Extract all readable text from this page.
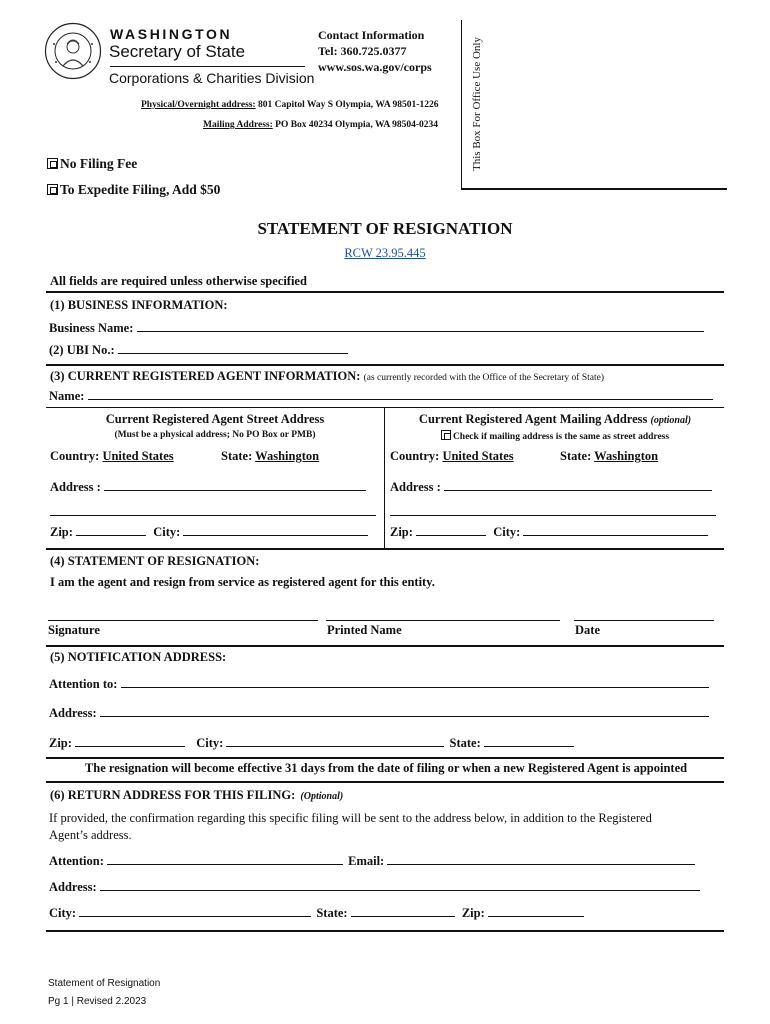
WASHINGTON
Secretary of State
Corporations & Charities Division
Contact Information
Tel: 360.725.0377
www.sos.wa.gov/corps
Physical/Overnight address: 801 Capitol Way S Olympia, WA 98501-1226
Mailing Address: PO Box 40234 Olympia, WA 98504-0234	This Box For Office Use Only
No Filing Fee
To Expedite Filing, Add $50
STATEMENT OF RESIGNATION
RCW 23.95.445
All fields are required unless otherwise specified
(1) BUSINESS INFORMATION:
Business Name:
(2) UBI No.:
(3) CURRENT REGISTERED AGENT INFORMATION: (as currently recorded with the Office of the Secretary of State)
Name:
Current Registered Agent Street Address
(Must be a physical address; No PO Box or PMB)
Country: United States	State: Washington
Address :
Zip:	City:
Current Registered Agent Mailing Address (optional)
Check if mailing address is the same as street address
Country: United States	State: Washington
Address :
Zip:	City:
(4) STATEMENT OF RESIGNATION:
I am the agent and resign from service as registered agent for this entity.
Signature	Printed Name	Date
(5) NOTIFICATION ADDRESS:
Attention to:
Address:
Zip:	City:	State:
The resignation will become effective 31 days from the date of filing or when a new Registered Agent is appointed
(6) RETURN ADDRESS FOR THIS FILING: (Optional)
If provided, the confirmation regarding this specific filing will be sent to the address below, in addition to the Registered
Agent’s address.
Attention:	Email:
Address:
City:	State:	Zip:
Statement of Resignation
Pg 1 | Revised 2.2023
